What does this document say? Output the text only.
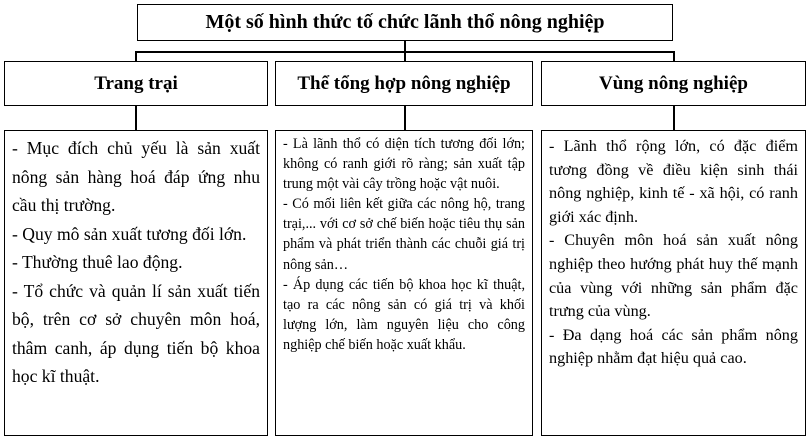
Một số hình thức tố chức lãnh thổ nông nghiệp
Trang trại	Thể tổng hợp nông nghiệp	Vùng nông nghiệp

- Mục đích chủ yếu là sản xuất nông sản hàng hoá đáp ứng nhu cầu thị trường.

- Quy mô sản xuất tương đối lớn.

- Thường thuê lao động.

- Tổ chức và quản lí sản xuất tiến bộ, trên cơ sở chuyên môn hoá, thâm canh, áp dụng tiến bộ khoa học kĩ thuật.

- Là lãnh thổ có diện tích tương đối lớn; không có ranh giới rõ ràng; sản xuất tập trung một vài cây trồng hoặc vật nuôi.

- Có mối liên kết giữa các nông hộ, trang trại,... với cơ sở chế biến hoặc tiêu thụ sản phẩm và phát triển thành các chuỗi giá trị nông sản…

- Áp dụng các tiến bộ khoa học kĩ thuật, tạo ra các nông sản có giá trị và khối lượng lớn, làm nguyên liệu cho công nghiệp chế biến hoặc xuất khẩu.

- Lãnh thổ rộng lớn, có đặc điểm tương đồng về điều kiện sinh thái nông nghiệp, kinh tế - xã hội, có ranh giới xác định.

- Chuyên môn hoá sản xuất nông nghiệp theo hướng phát huy thế mạnh của vùng với những sản phẩm đặc trưng của vùng.

- Đa dạng hoá các sản phẩm nông nghiệp nhằm đạt hiệu quả cao.
